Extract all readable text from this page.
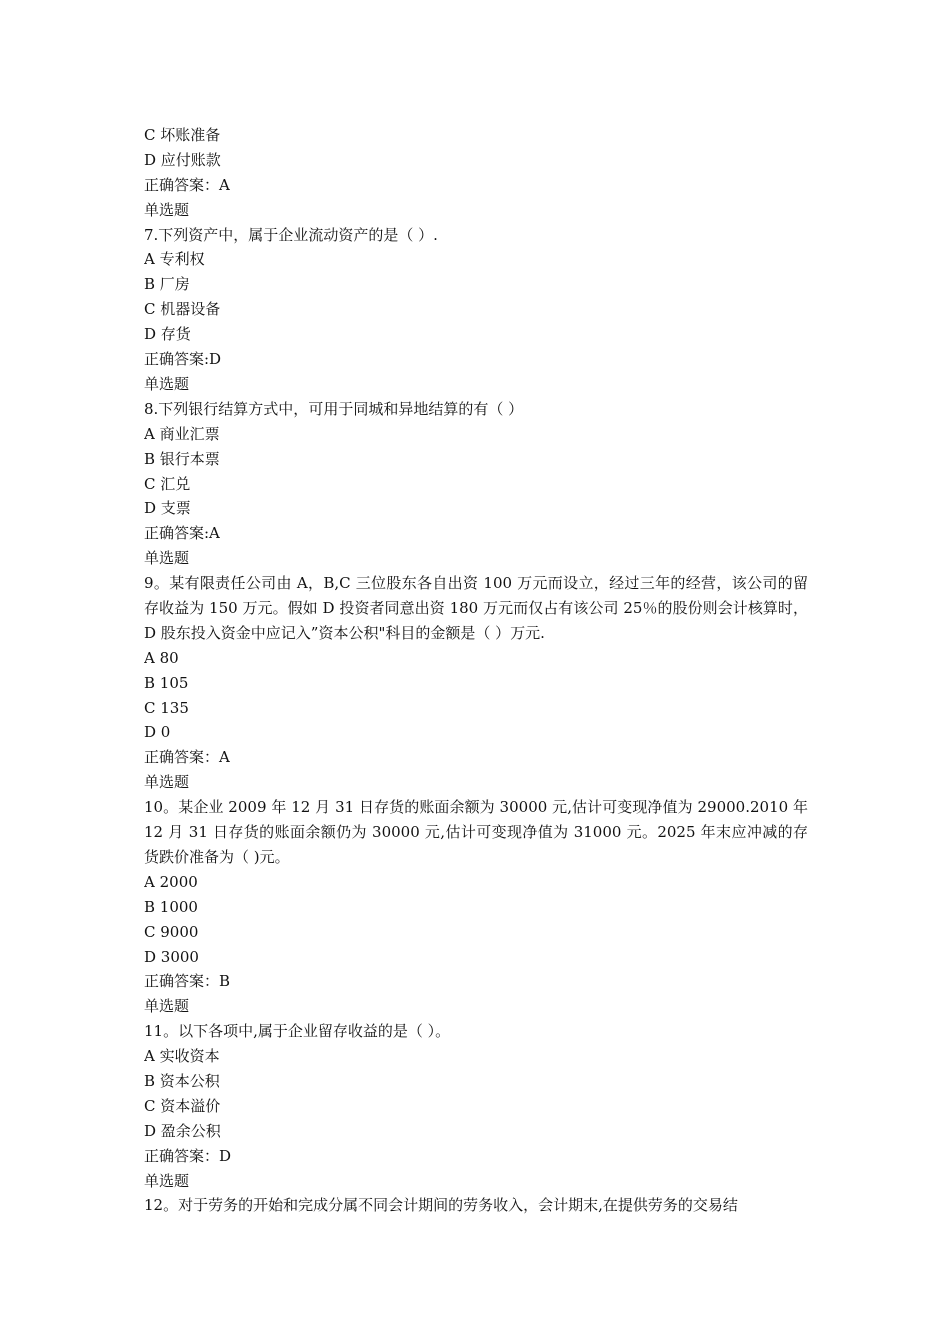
C 坏账准备
D 应付账款
正确答案：A
单选题
7.下列资产中，属于企业流动资产的是（ ）.
A 专利权
B 厂房
C 机器设备
D 存货
正确答案:D
单选题
8.下列银行结算方式中，可用于同城和异地结算的有（ ）
A 商业汇票
B 银行本票
C 汇兑
D 支票
正确答案:A
单选题
9。某有限责任公司由 A，B,C 三位股东各自出资 100 万元而设立，经过三年的经营，该公司的留存收益为 150 万元。假如 D 投资者同意出资 180 万元而仅占有该公司 25％的股份则会计核算时，D 股东投入资金中应记入”资本公积"科目的金额是（ ）万元.
A 80
B 105
C 135
D 0
正确答案：A
单选题
10。某企业 2009 年 12 月 31 日存货的账面余额为 30000 元,估计可变现净值为 29000.2010 年 12 月 31 日存货的账面余额仍为 30000 元,估计可变现净值为 31000 元。2025 年末应冲减的存货跌价准备为（ )元。
A 2000
B 1000
C 9000
D 3000
正确答案：B
单选题
11。以下各项中,属于企业留存收益的是（ ）。
A 实收资本
B 资本公积
C 资本溢价
D 盈余公积
正确答案：D
单选题
12。对于劳务的开始和完成分属不同会计期间的劳务收入，会计期末,在提供劳务的交易结
